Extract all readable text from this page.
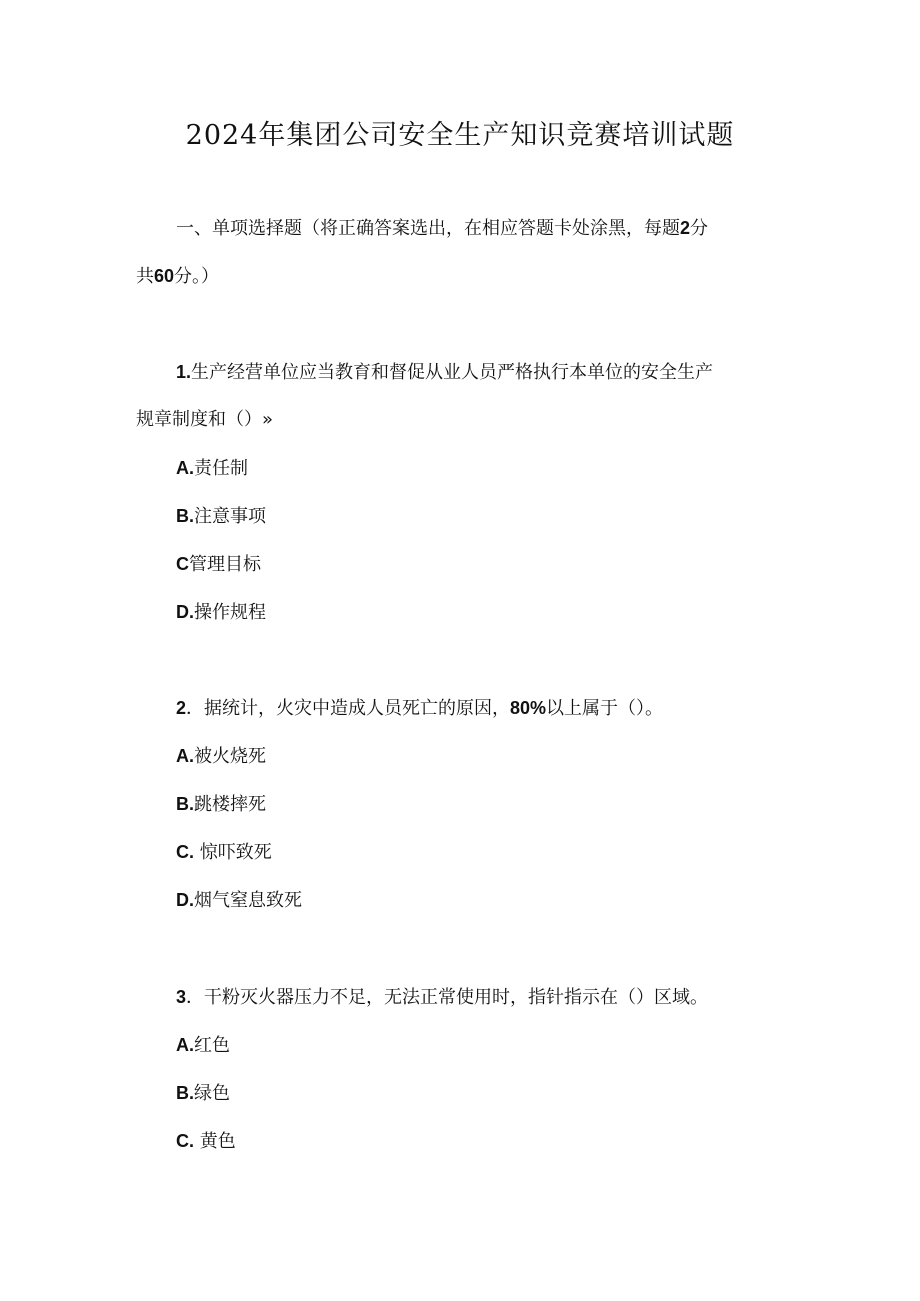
2024年集团公司安全生产知识竞赛培训试题

一、单项选择题（将正确答案选出，在相应答题卡处涂黑，每题2分

共60分。）

1.生产经营单位应当教育和督促从业人员严格执行本单位的安全生产

规章制度和（）»

A.责任制

B.注意事项

C管理目标

D.操作规程

2．据统计，火灾中造成人员死亡的原因，80%以上属于（）。

A.被火烧死

B.跳楼摔死

C. 惊吓致死

D.烟气窒息致死

3．干粉灭火器压力不足，无法正常使用时，指针指示在（）区域。

A.红色

B.绿色

C. 黄色
